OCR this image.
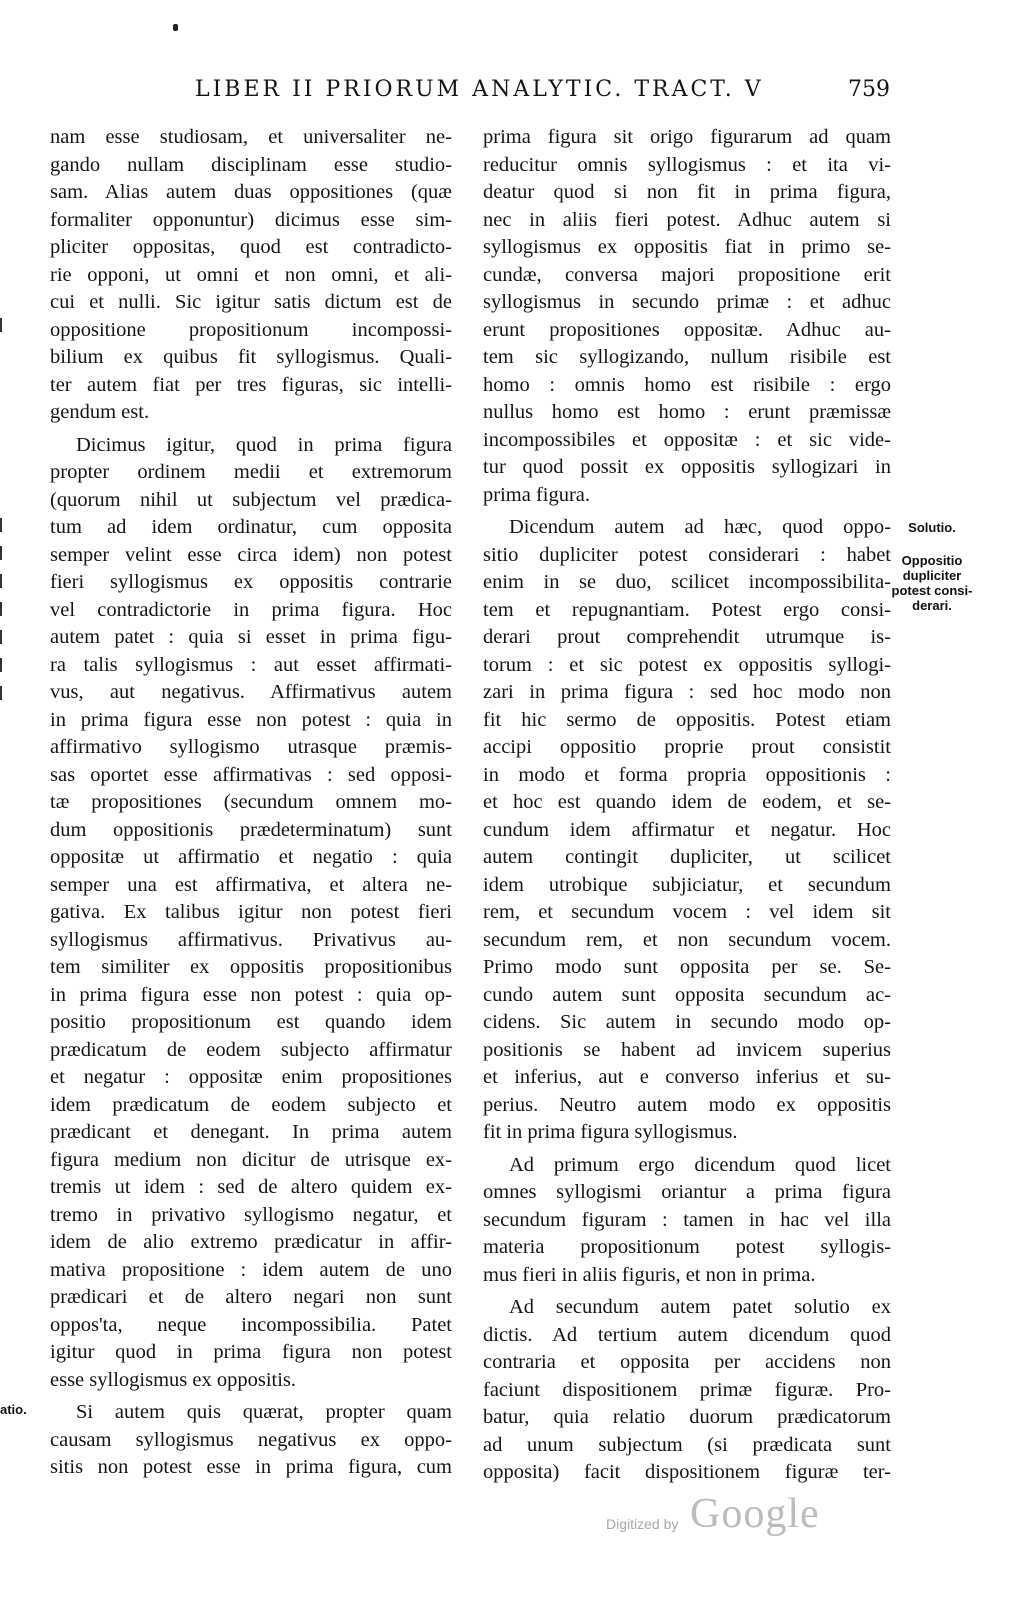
LIBER II PRIORUM ANALYTIC. TRACT. V	759
nam esse studiosam, et universaliter ne-
gando nullam disciplinam esse studio-
sam. Alias autem duas oppositiones (quæ
formaliter opponuntur) dicimus esse sim-
pliciter oppositas, quod est contradicto-
rie opponi, ut omni et non omni, et ali-
cui et nulli. Sic igitur satis dictum est de
oppositione propositionum incompossi-
bilium ex quibus fit syllogismus. Quali-
ter autem fiat per tres figuras, sic intelli-
gendum est.
Dicimus igitur, quod in prima figura
propter ordinem medii et extremorum
(quorum nihil ut subjectum vel prædica-
tum ad idem ordinatur, cum opposita
semper velint esse circa idem) non potest
fieri syllogismus ex oppositis contrarie
vel contradictorie in prima figura. Hoc
autem patet : quia si esset in prima figu-
ra talis syllogismus : aut esset affirmati-
vus, aut negativus. Affirmativus autem
in prima figura esse non potest : quia in
affirmativo syllogismo utrasque præmis-
sas oportet esse affirmativas : sed opposi-
tæ propositiones (secundum omnem mo-
dum oppositionis prædeterminatum) sunt
oppositæ ut affirmatio et negatio : quia
semper una est affirmativa, et altera ne-
gativa. Ex talibus igitur non potest fieri
syllogismus affirmativus. Privativus au-
tem similiter ex oppositis propositionibus
in prima figura esse non potest : quia op-
positio propositionum est quando idem
prædicatum de eodem subjecto affirmatur
et negatur : oppositæ enim propositiones
idem prædicatum de eodem subjecto et
prædicant et denegant. In prima autem
figura medium non dicitur de utrisque ex-
tremis ut idem : sed de altero quidem ex-
tremo in privativo syllogismo negatur, et
idem de alio extremo prædicatur in affir-
mativa propositione : idem autem de uno
prædicari et de altero negari non sunt
oppos'ta, neque incompossibilia. Patet
igitur quod in prima figura non potest
esse syllogismus ex oppositis.
Si autem quis quærat, propter quam
causam syllogismus negativus ex oppo-
sitis non potest esse in prima figura, cum
prima figura sit origo figurarum ad quam
reducitur omnis syllogismus : et ita vi-
deatur quod si non fit in prima figura,
nec in aliis fieri potest. Adhuc autem si
syllogismus ex oppositis fiat in primo se-
cundæ, conversa majori propositione erit
syllogismus in secundo primæ : et adhuc
erunt propositiones oppositæ. Adhuc au-
tem sic syllogizando, nullum risibile est
homo : omnis homo est risibile : ergo
nullus homo est homo : erunt præmissæ
incompossibiles et oppositæ : et sic vide-
tur quod possit ex oppositis syllogizari in
prima figura.
Dicendum autem ad hæc, quod oppo-
sitio dupliciter potest considerari : habet
enim in se duo, scilicet incompossibilita-
tem et repugnantiam. Potest ergo consi-
derari prout comprehendit utrumque is-
torum : et sic potest ex oppositis syllogi-
zari in prima figura : sed hoc modo non
fit hic sermo de oppositis. Potest etiam
accipi oppositio proprie prout consistit
in modo et forma propria oppositionis :
et hoc est quando idem de eodem, et se-
cundum idem affirmatur et negatur. Hoc
autem contingit dupliciter, ut scilicet
idem utrobique subjiciatur, et secundum
rem, et secundum vocem : vel idem sit
secundum rem, et non secundum vocem.
Primo modo sunt opposita per se. Se-
cundo autem sunt opposita secundum ac-
cidens. Sic autem in secundo modo op-
positionis se habent ad invicem superius
et inferius, aut e converso inferius et su-
perius. Neutro autem modo ex oppositis
fit in prima figura syllogismus.
Ad primum ergo dicendum quod licet
omnes syllogismi oriantur a prima figura
secundum figuram : tamen in hac vel illa
materia propositionum potest syllogis-
mus fieri in aliis figuris, et non in prima.
Ad secundum autem patet solutio ex
dictis. Ad tertium autem dicendum quod
contraria et opposita per accidens non
faciunt dispositionem primæ figuræ. Pro-
batur, quia relatio duorum prædicatorum
ad unum subjectum (si prædicata sunt
opposita) facit dispositionem figuræ ter-
Solutio.
Oppositio
dupliciter
potest consi-
derari.
atio.
Digitized by Google
